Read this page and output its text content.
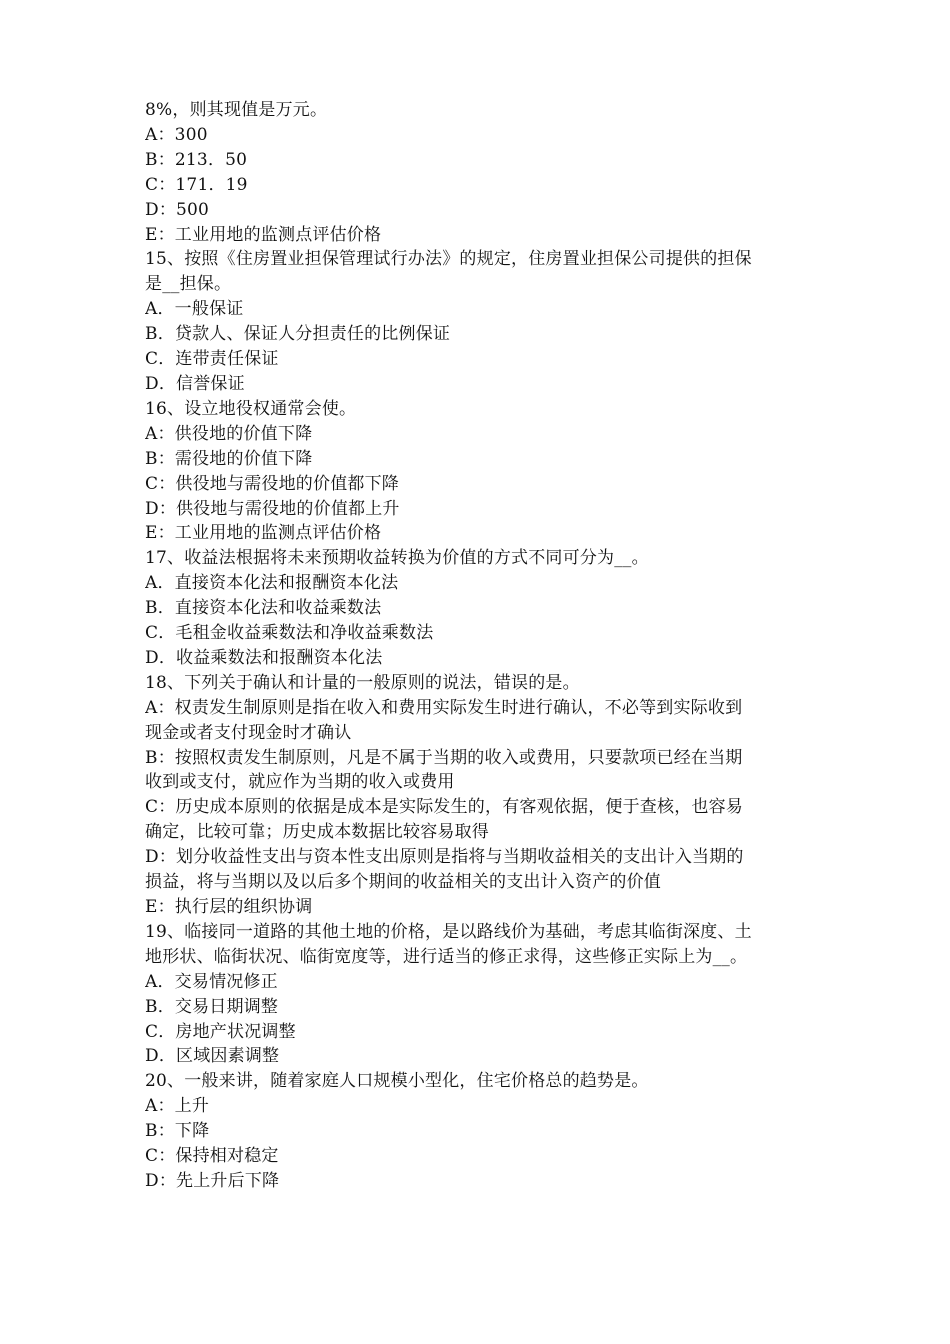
8%，则其现值是万元。

A：300

B：213．50

C：171．19

D：500

E：工业用地的监测点评估价格

15、按照《住房置业担保管理试行办法》的规定，住房置业担保公司提供的担保

是__担保。

A．一般保证

B．贷款人、保证人分担责任的比例保证

C．连带责任保证

D．信誉保证

16、设立地役权通常会使。

A：供役地的价值下降

B：需役地的价值下降

C：供役地与需役地的价值都下降

D：供役地与需役地的价值都上升

E：工业用地的监测点评估价格

17、收益法根据将未来预期收益转换为价值的方式不同可分为__。

A．直接资本化法和报酬资本化法

B．直接资本化法和收益乘数法

C．毛租金收益乘数法和净收益乘数法

D．收益乘数法和报酬资本化法

18、下列关于确认和计量的一般原则的说法，错误的是。

A：权责发生制原则是指在收入和费用实际发生时进行确认，不必等到实际收到

现金或者支付现金时才确认

B：按照权责发生制原则，凡是不属于当期的收入或费用，只要款项已经在当期

收到或支付，就应作为当期的收入或费用

C：历史成本原则的依据是成本是实际发生的，有客观依据，便于查核，也容易

确定，比较可靠；历史成本数据比较容易取得

D：划分收益性支出与资本性支出原则是指将与当期收益相关的支出计入当期的

损益，将与当期以及以后多个期间的收益相关的支出计入资产的价值

E：执行层的组织协调

19、临接同一道路的其他土地的价格，是以路线价为基础，考虑其临街深度、土

地形状、临街状况、临街宽度等，进行适当的修正求得，这些修正实际上为__。

A．交易情况修正

B．交易日期调整

C．房地产状况调整

D．区域因素调整

20、一般来讲，随着家庭人口规模小型化，住宅价格总的趋势是。

A：上升

B：下降

C：保持相对稳定

D：先上升后下降
